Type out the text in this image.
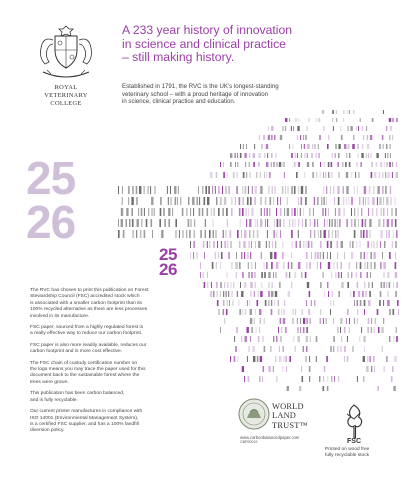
ROYAL
VETERINARY
COLLEGE
A 233 year history of innovation
in science and clinical practice
– still making history.
Established in 1791, the RVC is the UK’s longest-standing
veterinary school – with a proud heritage of innovation
in science, clinical practice and education.
25
26
25
26

The RVC has chosen to print this publication on Forest
Stewardship Council (FSC) accredited stock which
is associated with a smaller carbon footprint than its
100% recycled alternative as there are less processes
involved in its manufacture.

FSC paper, sourced from a highly regulated forest is
a really effective way to reduce our carbon footprint.

FSC paper is also more readily available, reduces our
carbon footprint and is more cost effective.

The FSC chain of custody certification number on
the logo means you may trace the paper used for this
document back to the sustainable forest where the
trees were grown.

This publication has been carbon balanced,
and is fully recyclable.

Our current printer manufactures in compliance with
ISO 14001 (Environmental Management System),
is a certified FSC supplier, and has a 100% landfill
diversion policy.

WORLD
LAND
TRUST™
www.carbonbalancedpaper.com
CBP00019	FSC
Printed on wood free
fully recyclable stock
